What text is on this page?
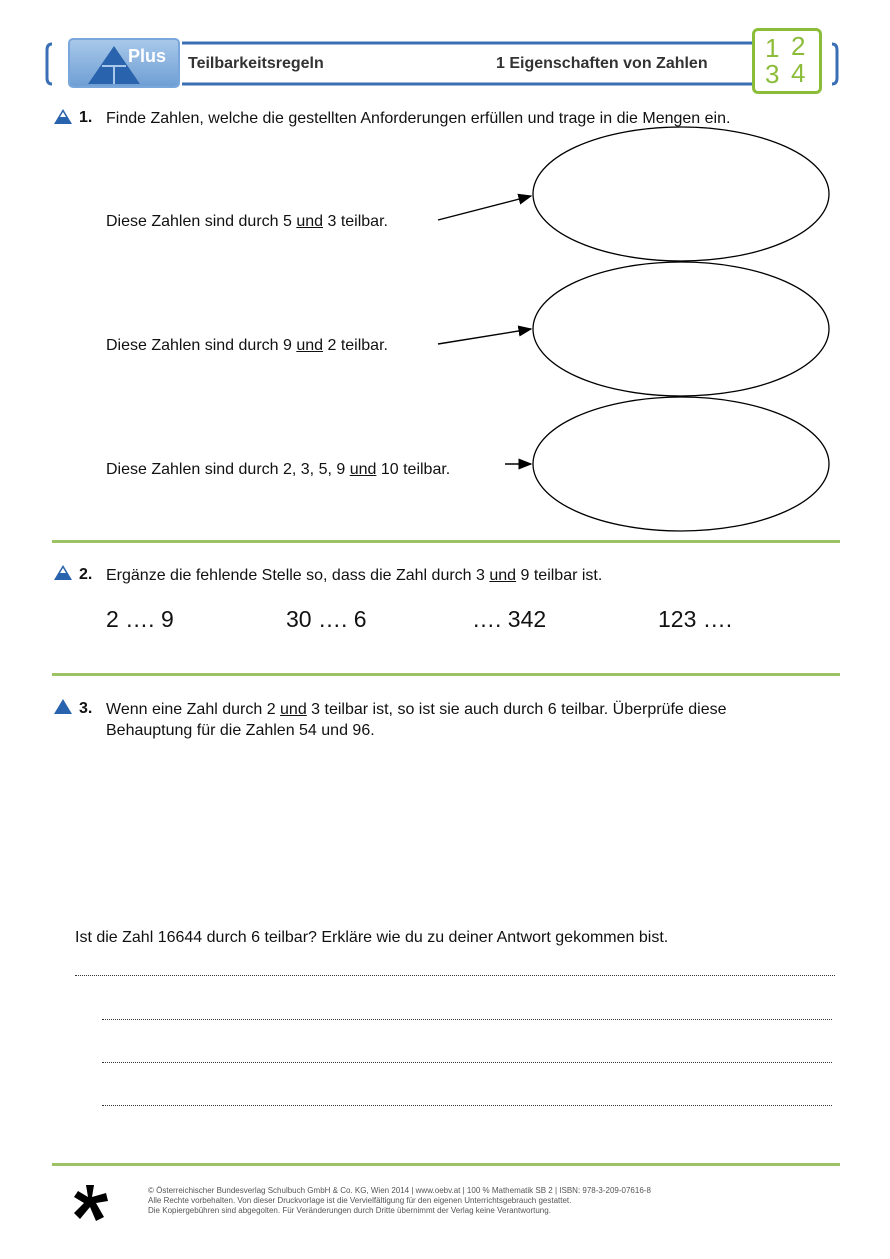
Plus Teilbarkeitsregeln	1 Eigenschaften von Zahlen
1 2
3 4
1. Finde Zahlen, welche die gestellten Anforderungen erfüllen und trage in die Mengen ein.
Diese Zahlen sind durch 5 und 3 teilbar.
Diese Zahlen sind durch 9 und 2 teilbar.
Diese Zahlen sind durch 2, 3, 5, 9 und 10 teilbar.
2. Ergänze die fehlende Stelle so, dass die Zahl durch 3 und 9 teilbar ist.
2 …. 9	30 …. 6	…. 342	123 ….
3. Wenn eine Zahl durch 2 und 3 teilbar ist, so ist sie auch durch 6 teilbar. Überprüfe diese
Behauptung für die Zahlen 54 und 96.
Ist die Zahl 16644 durch 6 teilbar? Erkläre wie du zu deiner Antwort gekommen bist.
© Österreichischer Bundesverlag Schulbuch GmbH & Co. KG, Wien 2014 | www.oebv.at | 100 % Mathematik SB 2 | ISBN: 978-3-209-07616-8
Alle Rechte vorbehalten. Von dieser Druckvorlage ist die Vervielfältigung für den eigenen Unterrichtsgebrauch gestattet.
Die Kopiergebühren sind abgegolten. Für Veränderungen durch Dritte übernimmt der Verlag keine Verantwortung.
